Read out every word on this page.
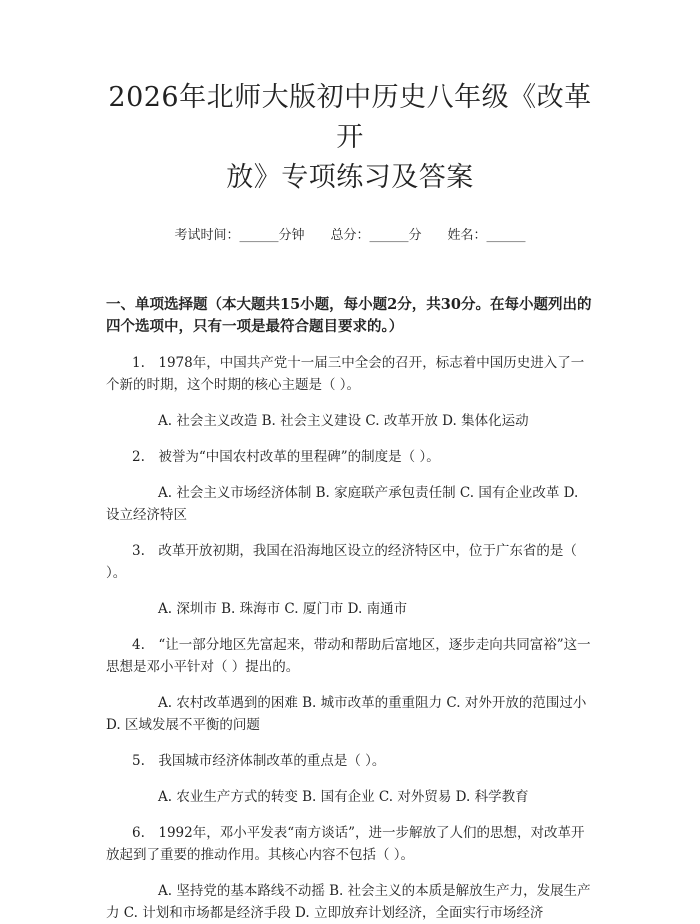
2026年北师大版初中历史八年级《改革开
放》专项练习及答案
考试时间：______分钟 总分：______分 姓名：______
一、单项选择题（本大题共15小题，每小题2分，共30分。在每小题列出的四个选项中，只有一项是最符合题目要求的。）
1.　1978年，中国共产党十一届三中全会的召开，标志着中国历史进入了一个新的时期，这个时期的核心主题是（ ）。
A. 社会主义改造 B. 社会主义建设 C. 改革开放 D. 集体化运动
2.　被誉为“中国农村改革的里程碑”的制度是（ ）。
A. 社会主义市场经济体制 B. 家庭联产承包责任制 C. 国有企业改革 D. 设立经济特区
3.　改革开放初期，我国在沿海地区设立的经济特区中，位于广东省的是（ ）。
A. 深圳市 B. 珠海市 C. 厦门市 D. 南通市
4.　“让一部分地区先富起来，带动和帮助后富地区，逐步走向共同富裕”这一思想是邓小平针对（ ）提出的。
A. 农村改革遇到的困难 B. 城市改革的重重阻力 C. 对外开放的范围过小 D. 区域发展不平衡的问题
5.　我国城市经济体制改革的重点是（ ）。
A. 农业生产方式的转变 B. 国有企业 C. 对外贸易 D. 科学教育
6.　1992年，邓小平发表“南方谈话”，进一步解放了人们的思想，对改革开放起到了重要的推动作用。其核心内容不包括（ ）。
A. 坚持党的基本路线不动摇 B. 社会主义的本质是解放生产力，发展生产力 C. 计划和市场都是经济手段 D. 立即放弃计划经济，全面实行市场经济
